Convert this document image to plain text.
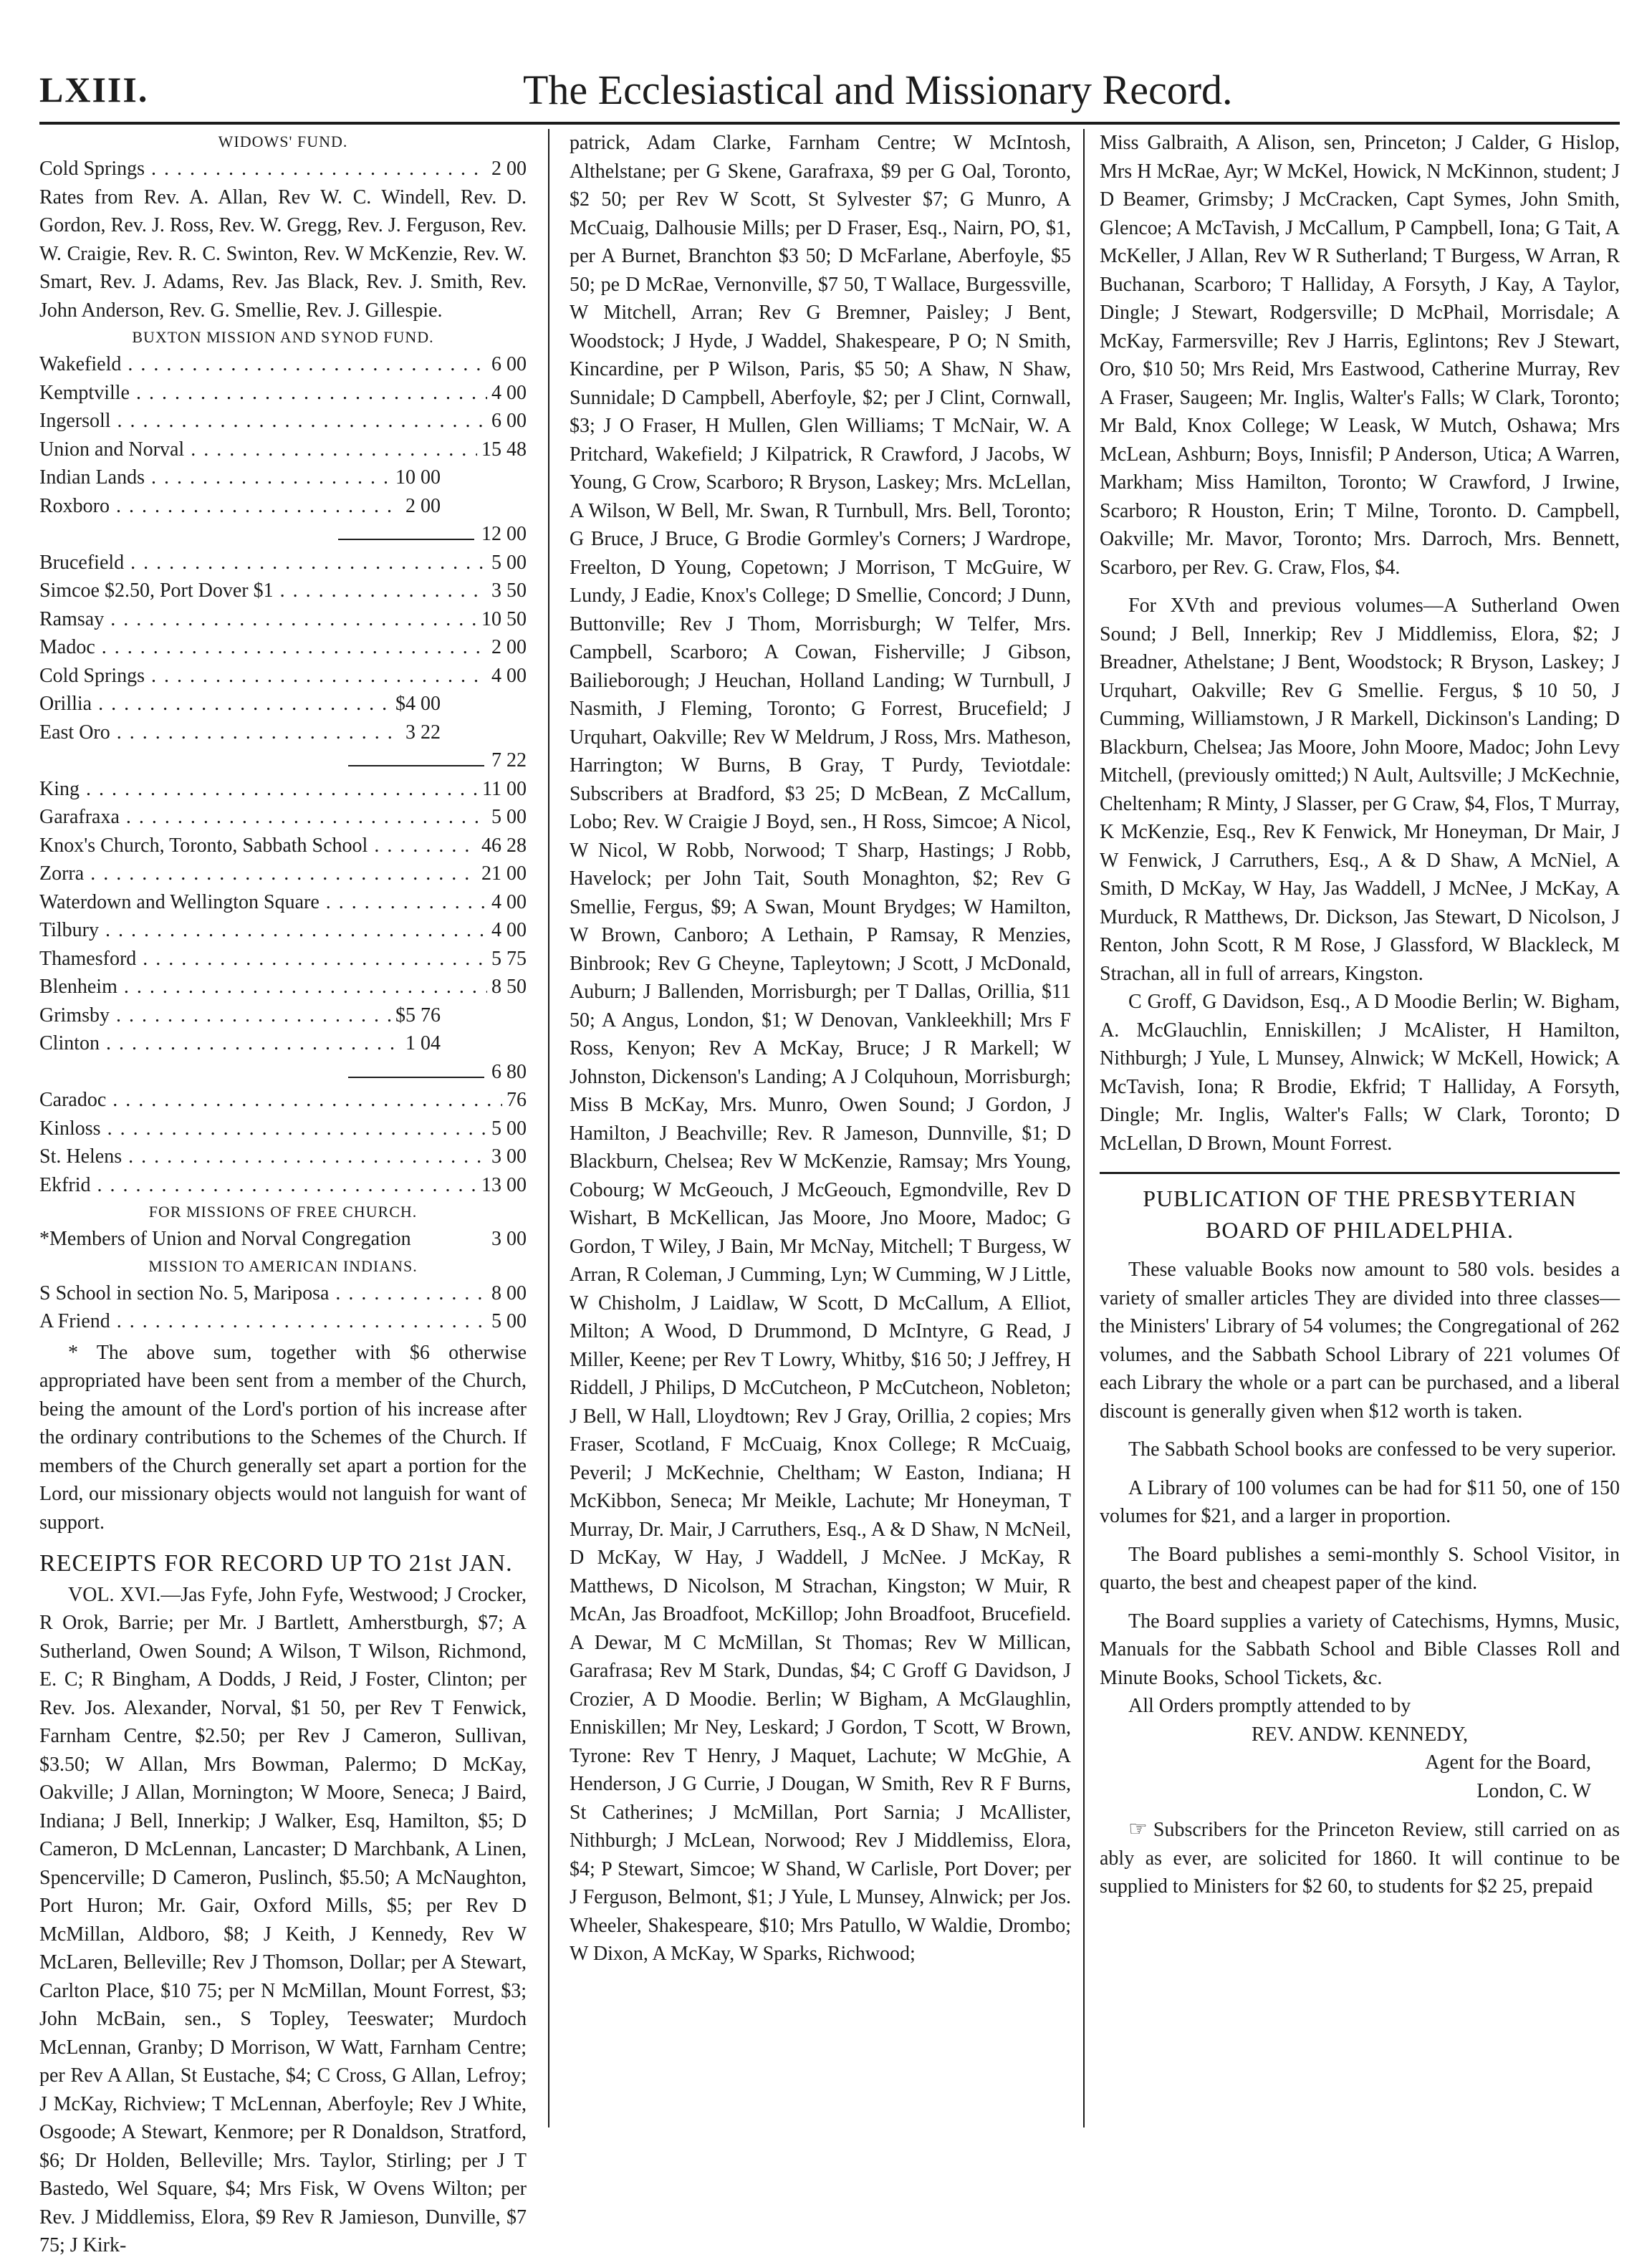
LXIII.	The Ecclesiastical and Missionary Record.
WIDOWS' FUND.
Cold Springs . . .	2 00

Rates from Rev. A. Allan, Rev W. C. Windell, Rev. D. Gordon, Rev. J. Ross, Rev. W. Gregg, Rev. J. Ferguson, Rev. W. Craigie, Rev. R. C. Swinton, Rev. W McKenzie, Rev. W. Smart, Rev. J. Adams, Rev. Jas Black, Rev. J. Smith, Rev. John Anderson, Rev. G. Smellie, Rev. J. Gillespie.

BUXTON MISSION AND SYNOD FUND.
Wakefield . . .	6 00
Kemptville . . .	4 00
Ingersoll . . .	6 00
Union and Norval . . .	15 48
Indian Lands . . .	10 00
Roxboro . . .	2 00
12 00
Brucefield . . .	5 00
Simcoe $2.50, Port Dover $1 . . .	3 50
Ramsay . . .	10 50
Madoc . . .	2 00
Cold Springs . . .	4 00
Orillia . . .	$4 00
East Oro . . .	3 22
7 22
King . . .	11 00
Garafraxa . . .	5 00
Knox's Church, Toronto, Sabbath School . . .	46 28
Zorra . . .	21 00
Waterdown and Wellington Square . . .	4 00
Tilbury . . .	4 00
Thamesford . . .	5 75
Blenheim . . .	8 50
Grimsby . . .	$5 76
Clinton . . .	1 04
6 80
Caradoc . . .	76
Kinloss . . .	5 00
St. Helens . . .	3 00
Ekfrid . . .	13 00
FOR MISSIONS OF FREE CHURCH.
*Members of Union and Norval Congregation	3 00
MISSION TO AMERICAN INDIANS.
S School in section No. 5, Mariposa . . .	8 00
A Friend . . .	5 00

* The above sum, together with $6 otherwise appropriated have been sent from a member of the Church, being the amount of the Lord's portion of his increase after the ordinary contributions to the Schemes of the Church. If members of the Church generally set apart a portion for the Lord, our missionary objects would not languish for want of support.

RECEIPTS FOR RECORD UP TO 21st JAN.

VOL. XVI.—Jas Fyfe, John Fyfe, Westwood; J Crocker, R Orok, Barrie; per Mr. J Bartlett, Amherstburgh, $7; A Sutherland, Owen Sound; A Wilson, T Wilson, Richmond, E. C; R Bingham, A Dodds, J Reid, J Foster, Clinton; per Rev. Jos. Alexander, Norval, $1 50, per Rev T Fenwick, Farnham Centre, $2.50; per Rev J Cameron, Sullivan, $3.50; W Allan, Mrs Bowman, Palermo; D McKay, Oakville; J Allan, Mornington; W Moore, Seneca; J Baird, Indiana; J Bell, Innerkip; J Walker, Esq, Hamilton, $5; D Cameron, D McLennan, Lancaster; D Marchbank, A Linen, Spencerville; D Cameron, Puslinch, $5.50; A McNaughton, Port Huron; Mr. Gair, Oxford Mills, $5; per Rev D McMillan, Aldboro, $8; J Keith, J Kennedy, Rev W McLaren, Belleville; Rev J Thomson, Dollar; per A Stewart, Carlton Place, $10 75; per N McMillan, Mount Forrest, $3; John McBain, sen., S Topley, Teeswater; Murdoch McLennan, Granby; D Morrison, W Watt, Farnham Centre; per Rev A Allan, St Eustache, $4; C Cross, G Allan, Lefroy; J McKay, Richview; T McLennan, Aberfoyle; Rev J White, Osgoode; A Stewart, Kenmore; per R Donaldson, Stratford, $6; Dr Holden, Belleville; Mrs. Taylor, Stirling; per J T Bastedo, Wel Square, $4; Mrs Fisk, W Ovens Wilton; per Rev. J Middlemiss, Elora, $9 Rev R Jamieson, Dunville, $7 75; J Kirk-

patrick, Adam Clarke, Farnham Centre; W McIntosh, Althelstane; per G Skene, Garafraxa, $9 per G Oal, Toronto, $2 50; per Rev W Scott, St Sylvester $7; G Munro, A McCuaig, Dalhousie Mills; per D Fraser, Esq., Nairn, PO, $1, per A Burnet, Branchton $3 50; D McFarlane, Aberfoyle, $5 50; pe D McRae, Vernonville, $7 50, T Wallace, Burgessville, W Mitchell, Arran; Rev G Bremner, Paisley; J Bent, Woodstock; J Hyde, J Waddel, Shakespeare, P O; N Smith, Kincardine, per P Wilson, Paris, $5 50; A Shaw, N Shaw, Sunnidale; D Campbell, Aberfoyle, $2; per J Clint, Cornwall, $3; J O Fraser, H Mullen, Glen Williams; T McNair, W. A Pritchard, Wakefield; J Kilpatrick, R Crawford, J Jacobs, W Young, G Crow, Scarboro; R Bryson, Laskey; Mrs. McLellan, A Wilson, W Bell, Mr. Swan, R Turnbull, Mrs. Bell, Toronto; G Bruce, J Bruce, G Brodie Gormley's Corners; J Wardrope, Freelton, D Young, Copetown; J Morrison, T McGuire, W Lundy, J Eadie, Knox's College; D Smellie, Concord; J Dunn, Buttonville; Rev J Thom, Morrisburgh; W Telfer, Mrs. Campbell, Scarboro; A Cowan, Fisherville; J Gibson, Bailieborough; J Heuchan, Holland Landing; W Turnbull, J Nasmith, J Fleming, Toronto; G Forrest, Brucefield; J Urquhart, Oakville; Rev W Meldrum, J Ross, Mrs. Matheson, Harrington; W Burns, B Gray, T Purdy, Teviotdale: Subscribers at Bradford, $3 25; D McBean, Z McCallum, Lobo; Rev. W Craigie J Boyd, sen., H Ross, Simcoe; A Nicol, W Nicol, W Robb, Norwood; T Sharp, Hastings; J Robb, Havelock; per John Tait, South Monaghton, $2; Rev G Smellie, Fergus, $9; A Swan, Mount Brydges; W Hamilton, W Brown, Canboro; A Lethain, P Ramsay, R Menzies, Binbrook; Rev G Cheyne, Tapleytown; J Scott, J McDonald, Auburn; J Ballenden, Morrisburgh; per T Dallas, Orillia, $11 50; A Angus, London, $1; W Denovan, Vankleekhill; Mrs F Ross, Kenyon; Rev A McKay, Bruce; J R Markell; W Johnston, Dickenson's Landing; A J Colquhoun, Morrisburgh; Miss B McKay, Mrs. Munro, Owen Sound; J Gordon, J Hamilton, J Beachville; Rev. R Jameson, Dunnville, $1; D Blackburn, Chelsea; Rev W McKenzie, Ramsay; Mrs Young, Cobourg; W McGeouch, J McGeouch, Egmondville, Rev D Wishart, B McKellican, Jas Moore, Jno Moore, Madoc; G Gordon, T Wiley, J Bain, Mr McNay, Mitchell; T Burgess, W Arran, R Coleman, J Cumming, Lyn; W Cumming, W J Little, W Chisholm, J Laidlaw, W Scott, D McCallum, A Elliot, Milton; A Wood, D Drummond, D McIntyre, G Read, J Miller, Keene; per Rev T Lowry, Whitby, $16 50; J Jeffrey, H Riddell, J Philips, D McCutcheon, P McCutcheon, Nobleton; J Bell, W Hall, Lloydtown; Rev J Gray, Orillia, 2 copies; Mrs Fraser, Scotland, F McCuaig, Knox College; R McCuaig, Peveril; J McKechnie, Cheltham; W Easton, Indiana; H McKibbon, Seneca; Mr Meikle, Lachute; Mr Honeyman, T Murray, Dr. Mair, J Carruthers, Esq., A & D Shaw, N McNeil, D McKay, W Hay, J Waddell, J McNee. J McKay, R Matthews, D Nicolson, M Strachan, Kingston; W Muir, R McAn, Jas Broadfoot, McKillop; John Broadfoot, Brucefield. A Dewar, M C McMillan, St Thomas; Rev W Millican, Garafrasa; Rev M Stark, Dundas, $4; C Groff G Davidson, J Crozier, A D Moodie. Berlin; W Bigham, A McGlaughlin, Enniskillen; Mr Ney, Leskard; J Gordon, T Scott, W Brown, Tyrone: Rev T Henry, J Maquet, Lachute; W McGhie, A Henderson, J G Currie, J Dougan, W Smith, Rev R F Burns, St Catherines; J McMillan, Port Sarnia; J McAllister, Nithburgh; J McLean, Norwood; Rev J Middlemiss, Elora, $4; P Stewart, Simcoe; W Shand, W Carlisle, Port Dover; per J Ferguson, Belmont, $1; J Yule, L Munsey, Alnwick; per Jos. Wheeler, Shakespeare, $10; Mrs Patullo, W Waldie, Drombo; W Dixon, A McKay, W Sparks, Richwood;

Miss Galbraith, A Alison, sen, Princeton; J Calder, G Hislop, Mrs H McRae, Ayr; W McKel, Howick, N McKinnon, student; J D Beamer, Grimsby; J McCracken, Capt Symes, John Smith, Glencoe; A McTavish, J McCallum, P Campbell, Iona; G Tait, A McKeller, J Allan, Rev W R Sutherland; T Burgess, W Arran, R Buchanan, Scarboro; T Halliday, A Forsyth, J Kay, A Taylor, Dingle; J Stewart, Rodgersville; D McPhail, Morrisdale; A McKay, Farmersville; Rev J Harris, Eglintons; Rev J Stewart, Oro, $10 50; Mrs Reid, Mrs Eastwood, Catherine Murray, Rev A Fraser, Saugeen; Mr. Inglis, Walter's Falls; W Clark, Toronto; Mr Bald, Knox College; W Leask, W Mutch, Oshawa; Mrs McLean, Ashburn; Boys, Innisfil; P Anderson, Utica; A Warren, Markham; Miss Hamilton, Toronto; W Crawford, J Irwine, Scarboro; R Houston, Erin; T Milne, Toronto. D. Campbell, Oakville; Mr. Mavor, Toronto; Mrs. Darroch, Mrs. Bennett, Scarboro, per Rev. G. Craw, Flos, $4.

For XVth and previous volumes—A Sutherland Owen Sound; J Bell, Innerkip; Rev J Middlemiss, Elora, $2; J Breadner, Athelstane; J Bent, Woodstock; R Bryson, Laskey; J Urquhart, Oakville; Rev G Smellie. Fergus, $ 10 50, J Cumming, Williamstown, J R Markell, Dickinson's Landing; D Blackburn, Chelsea; Jas Moore, John Moore, Madoc; John Levy Mitchell, (previously omitted;) N Ault, Aultsville; J McKechnie, Cheltenham; R Minty, J Slasser, per G Craw, $4, Flos, T Murray, K McKenzie, Esq., Rev K Fenwick, Mr Honeyman, Dr Mair, J W Fenwick, J Carruthers, Esq., A & D Shaw, A McNiel, A Smith, D McKay, W Hay, Jas Waddell, J McNee, J McKay, A Murduck, R Matthews, Dr. Dickson, Jas Stewart, D Nicolson, J Renton, John Scott, R M Rose, J Glassford, W Blackleck, M Strachan, all in full of arrears, Kingston.

C Groff, G Davidson, Esq., A D Moodie Berlin; W. Bigham, A. McGlauchlin, Enniskillen; J McAlister, H Hamilton, Nithburgh; J Yule, L Munsey, Alnwick; W McKell, Howick; A McTavish, Iona; R Brodie, Ekfrid; T Halliday, A Forsyth, Dingle; Mr. Inglis, Walter's Falls; W Clark, Toronto; D McLellan, D Brown, Mount Forrest.

PUBLICATION OF THE PRESBYTERIAN BOARD OF PHILADELPHIA.

These valuable Books now amount to 580 vols. besides a variety of smaller articles They are divided into three classes—the Ministers' Library of 54 volumes; the Congregational of 262 volumes, and the Sabbath School Library of 221 volumes Of each Library the whole or a part can be purchased, and a liberal discount is generally given when $12 worth is taken.

The Sabbath School books are confessed to be very superior.

A Library of 100 volumes can be had for $11 50, one of 150 volumes for $21, and a larger in proportion.

The Board publishes a semi-monthly S. School Visitor, in quarto, the best and cheapest paper of the kind.

The Board supplies a variety of Catechisms, Hymns, Music, Manuals for the Sabbath School and Bible Classes Roll and Minute Books, School Tickets, &c.

All Orders promptly attended to by

REV. ANDW. KENNEDY,

Agent for the Board,

London, C. W

☞ Subscribers for the Princeton Review, still carried on as ably as ever, are solicited for 1860. It will continue to be supplied to Ministers for $2 60, to students for $2 25, prepaid
